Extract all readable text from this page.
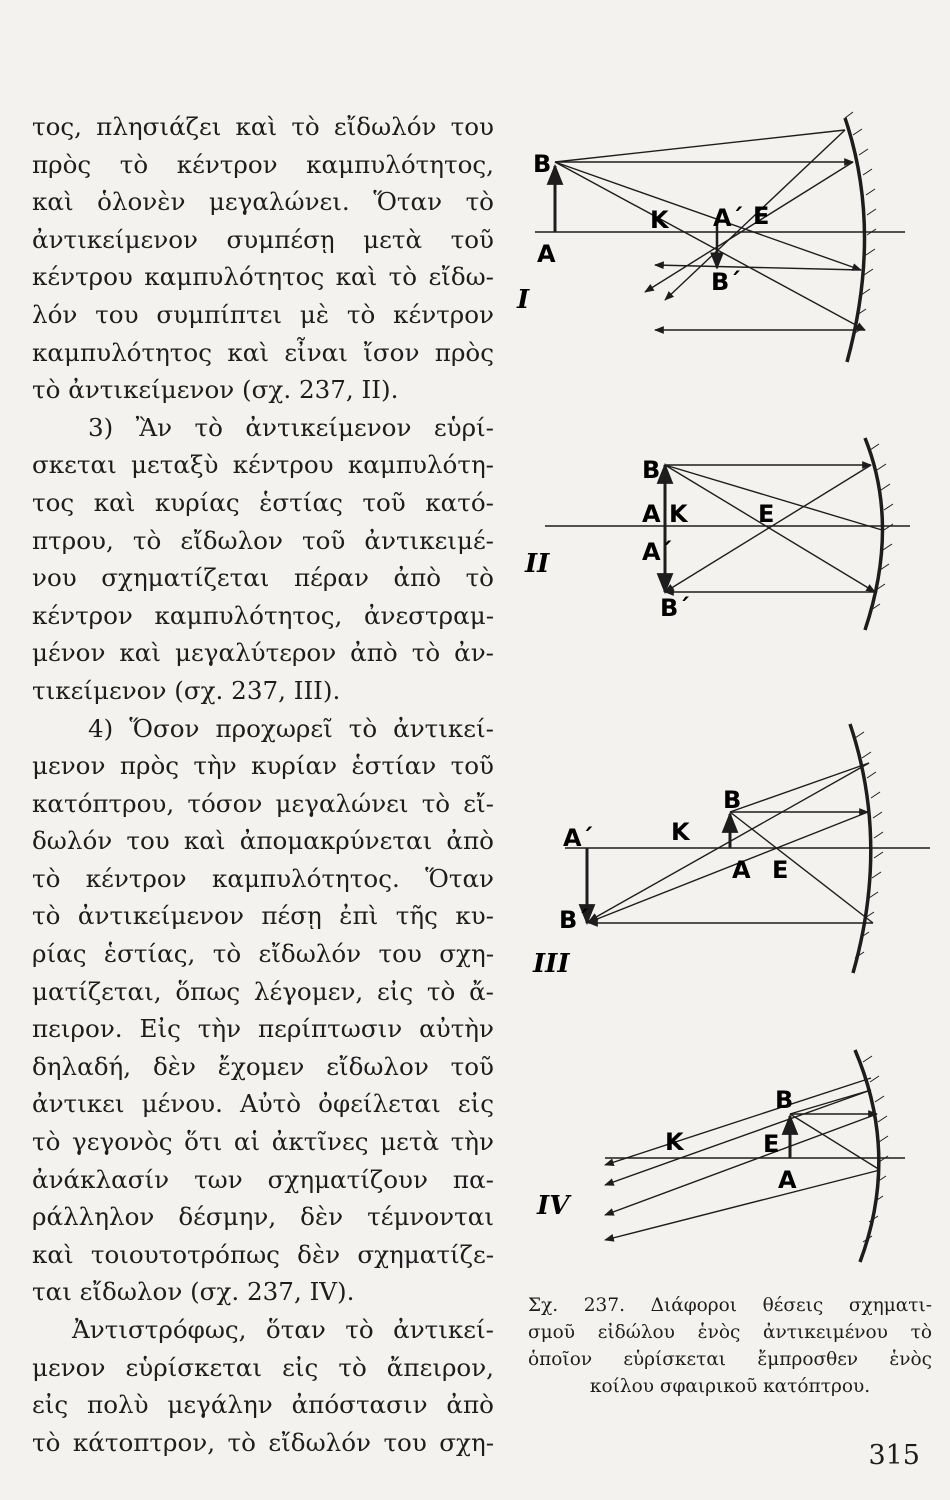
τος, πλησιάζει καὶ τὸ εἴδωλόν του
πρὸς τὸ κέντρον καμπυλότητος,
καὶ ὁλονὲν μεγαλώνει. Ὅταν τὸ
ἀντικείμενον συμπέσῃ μετὰ τοῦ
κέντρου καμπυλότητος καὶ τὸ εἴδω-
λόν του συμπίπτει μὲ τὸ κέντρον
καμπυλότητος καὶ εἶναι ἴσον πρὸς
τὸ ἀντικείμενον (σχ. 237, II).
3) Ἂν τὸ ἀντικείμενον εὑρί-
σκεται μεταξὺ κέντρου καμπυλότη-
τος καὶ κυρίας ἑστίας τοῦ κατό-
πτρου, τὸ εἴδωλον τοῦ ἀντικειμέ-
νου σχηματίζεται πέραν ἀπὸ τὸ
κέντρον καμπυλότητος, ἀνεστραμ-
μένον καὶ μεγαλύτερον ἀπὸ τὸ ἀν-
τικείμενον (σχ. 237, III).
4) Ὅσον προχωρεῖ τὸ ἀντικεί-
μενον πρὸς τὴν κυρίαν ἑστίαν τοῦ
κατόπτρου, τόσον μεγαλώνει τὸ εἴ-
δωλόν του καὶ ἀπομακρύνεται ἀπὸ
τὸ κέντρον καμπυλότητος. Ὅταν
τὸ ἀντικείμενον πέσῃ ἐπὶ τῆς κυ-
ρίας ἑστίας, τὸ εἴδωλόν του σχη-
ματίζεται, ὅπως λέγομεν, εἰς τὸ ἄ-
πειρον. Εἰς τὴν περίπτωσιν αὐτὴν
δηλαδή, δὲν ἔχομεν εἴδωλον τοῦ
ἀντικει μένου. Αὐτὸ ὀφείλεται εἰς
τὸ γεγονὸς ὅτι αἱ ἀκτῖνες μετὰ τὴν
ἀνάκλασίν των σχηματίζουν πα-
ράλληλον δέσμην, δὲν τέμνονται
καὶ τοιουτοτρόπως δὲν σχηματίζε-
ται εἴδωλον (σχ. 237, IV).
Ἀντιστρόφως, ὅταν τὸ ἀντικεί-
μενον εὑρίσκεται εἰς τὸ ἄπειρον,
εἰς πολὺ μεγάλην ἀπόστασιν ἀπὸ
τὸ κάτοπτρον, τὸ εἴδωλόν του σχη-
B
A
K A΄ E
B΄
I
B
A K
A΄
E
B΄
II
A΄	K
B
A E
B΄
III
K
B
E
A
IV
Σχ. 237. Διάφοροι θέσεις σχηματι-
σμοῦ εἰδώλου ἑνὸς ἀντικειμένου τὸ
ὁποῖον εὑρίσκεται ἔμπροσθεν ἑνὸς
κοίλου σφαιρικοῦ κατόπτρου.
315
